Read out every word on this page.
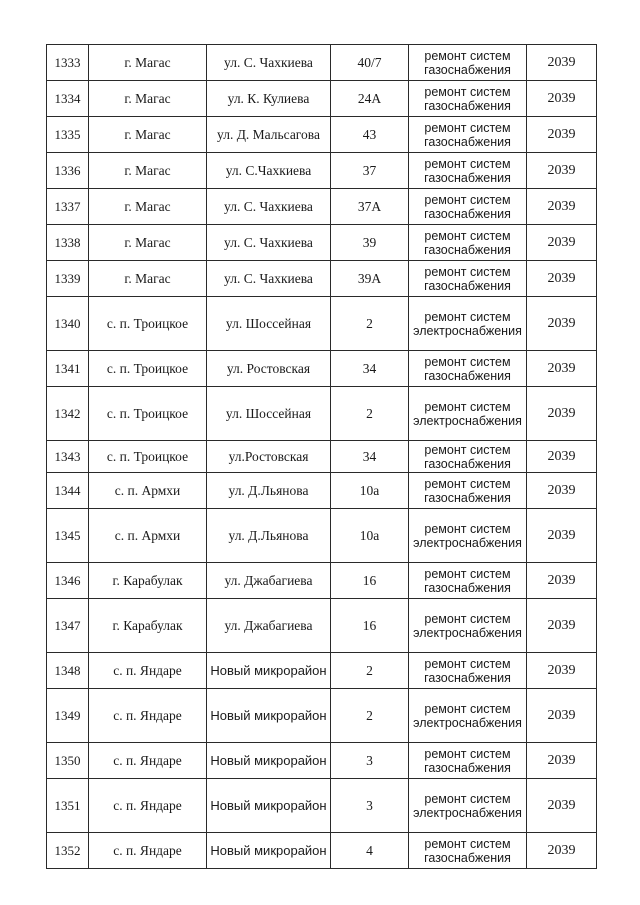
1333	г. Магас	ул. С. Чахкиева	40/7	ремонт систем газоснабжения	2039
1334	г. Магас	ул. К. Кулиева	24А	ремонт систем газоснабжения	2039
1335	г. Магас	ул. Д. Мальсагова	43	ремонт систем газоснабжения	2039
1336	г. Магас	ул. С.Чахкиева	37	ремонт систем газоснабжения	2039
1337	г. Магас	ул. С. Чахкиева	37А	ремонт систем газоснабжения	2039
1338	г. Магас	ул. С. Чахкиева	39	ремонт систем газоснабжения	2039
1339	г. Магас	ул. С. Чахкиева	39А	ремонт систем газоснабжения	2039
1340	с. п. Троицкое	ул. Шоссейная	2	ремонт систем электроснабжения	2039
1341	с. п. Троицкое	ул. Ростовская	34	ремонт систем газоснабжения	2039
1342	с. п. Троицкое	ул. Шоссейная	2	ремонт систем электроснабжения	2039
1343	с. п. Троицкое	ул.Ростовская	34	ремонт систем газоснабжения	2039
1344	с. п. Армхи	ул. Д.Льянова	10а	ремонт систем газоснабжения	2039
1345	с. п. Армхи	ул. Д.Льянова	10а	ремонт систем электроснабжения	2039
1346	г. Карабулак	ул. Джабагиева	16	ремонт систем газоснабжения	2039
1347	г. Карабулак	ул. Джабагиева	16	ремонт систем электроснабжения	2039
1348	с. п. Яндаре	Новый микрорайон	2	ремонт систем газоснабжения	2039
1349	с. п. Яндаре	Новый микрорайон	2	ремонт систем электроснабжения	2039
1350	с. п. Яндаре	Новый микрорайон	3	ремонт систем газоснабжения	2039
1351	с. п. Яндаре	Новый микрорайон	3	ремонт систем электроснабжения	2039
1352	с. п. Яндаре	Новый микрорайон	4	ремонт систем газоснабжения	2039
